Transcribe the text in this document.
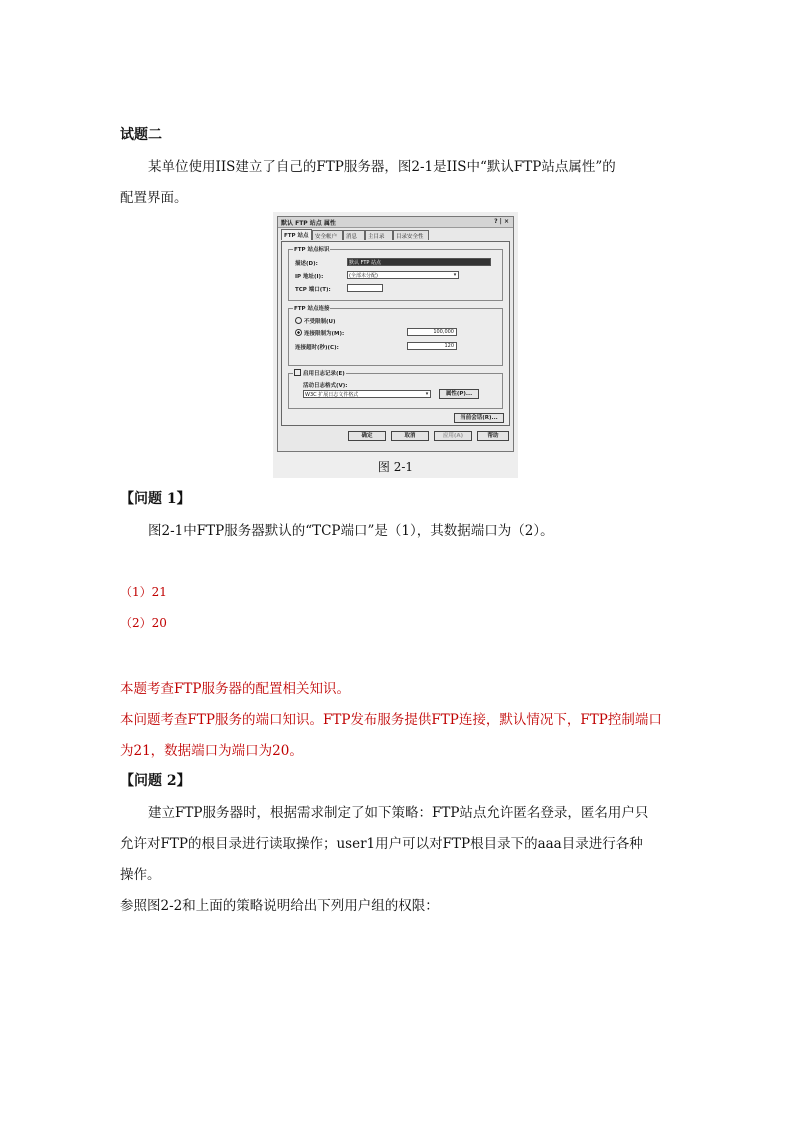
试题二
某单位使用IIS建立了自己的FTP服务器，图2-1是IIS中“默认FTP站点属性”的
配置界面。
默认 FTP 站点 属性	? | ×
FTP 站点	安全帐户	消息	主目录	目录安全性
FTP 站点标识
描述(D):	默认 FTP 站点
IP 地址(I):	(全部未分配)	▾
TCP 端口(T):
FTP 站点连接
不受限制(U)
连接限制为(M):	100,000
连接超时(秒)(C):	120
启用日志记录(E)
活动日志格式(V):
W3C 扩展日志文件格式	▾	属性(P)...
当前会话(R)...
确定	取消	应用(A)	帮助
图 2-1
【问题 1】
图2-1中FTP服务器默认的“TCP端口”是（1），其数据端口为（2）。
（1）21
（2）20
本题考查FTP服务器的配置相关知识。
本问题考查FTP服务的端口知识。FTP发布服务提供FTP连接，默认情况下，FTP控制端口
为21，数据端口为端口为20。
【问题 2】
建立FTP服务器时，根据需求制定了如下策略：FTP站点允许匿名登录，匿名用户只
允许对FTP的根目录进行读取操作；user1用户可以对FTP根目录下的aaa目录进行各种
操作。
参照图2-2和上面的策略说明给出下列用户组的权限：
